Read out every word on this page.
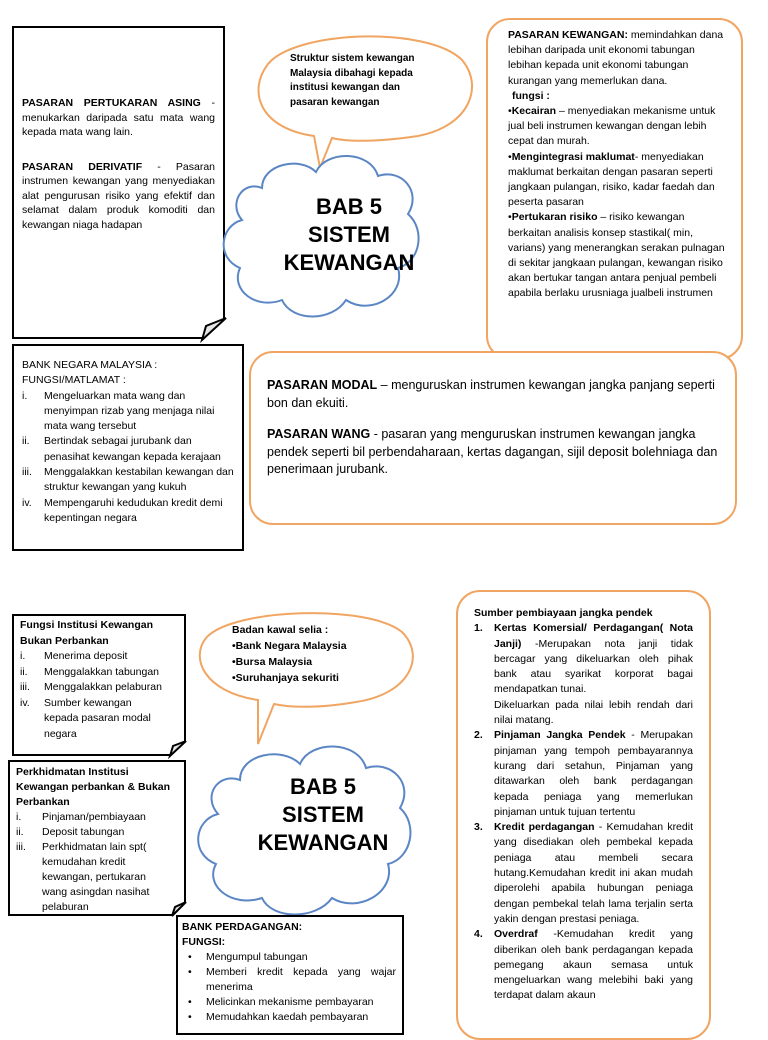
PASARAN PERTUKARAN ASING - menukarkan daripada satu mata wang kepada mata wang lain.
PASARAN DERIVATIF - Pasaran instrumen kewangan yang menyediakan alat pengurusan risiko yang efektif dan selamat dalam produk komoditi dan kewangan niaga hadapan
Struktur sistem kewangan Malaysia dibahagi kepada institusi kewangan dan pasaran kewangan
BAB 5
SISTEM
KEWANGAN
PASARAN KEWANGAN: memindahkan dana lebihan daripada unit ekonomi tabungan lebihan kepada unit ekonomi tabungan kurangan yang memerlukan dana.
fungsi :
•Kecairan – menyediakan mekanisme untuk jual beli instrumen kewangan dengan lebih cepat dan murah.
•Mengintegrasi maklumat- menyediakan maklumat berkaitan dengan pasaran seperti jangkaan pulangan, risiko, kadar faedah dan peserta pasaran
•Pertukaran risiko – risiko kewangan berkaitan analisis konsep stastikal( min, varians) yang menerangkan serakan pulnagan di sekitar jangkaan pulangan, kewangan risiko akan bertukar tangan antara penjual pembeli apabila berlaku urusniaga jualbeli instrumen
BANK NEGARA MALAYSIA :
FUNGSI/MATLAMAT :
i. Mengeluarkan mata wang dan menyimpan rizab yang menjaga nilai mata wang tersebut
ii. Bertindak sebagai jurubank dan penasihat kewangan kepada kerajaan
iii. Menggalakkan kestabilan kewangan dan struktur kewangan yang kukuh
iv. Mempengaruhi kedudukan kredit demi kepentingan negara
PASARAN MODAL – menguruskan instrumen kewangan jangka panjang seperti bon dan ekuiti.
PASARAN WANG - pasaran yang menguruskan instrumen kewangan jangka pendek seperti bil perbendaharaan, kertas dagangan, sijil deposit bolehniaga dan penerimaan jurubank.
Fungsi Institusi Kewangan Bukan Perbankan
i. Menerima deposit
ii. Menggalakkan tabungan
iii. Menggalakkan pelaburan
iv. Sumber kewangan kepada pasaran modal negara
Badan kawal selia :
•Bank Negara Malaysia
•Bursa Malaysia
•Suruhanjaya sekuriti
BAB 5
SISTEM
KEWANGAN
Perkhidmatan Institusi Kewangan perbankan & Bukan Perbankan
i. Pinjaman/pembiayaan
ii. Deposit tabungan
iii. Perkhidmatan lain spt( kemudahan kredit kewangan, pertukaran wang asingdan nasihat pelaburan
BANK PERDAGANGAN:
FUNGSI:
• Mengumpul tabungan
• Memberi kredit kepada yang wajar menerima
• Melicinkan mekanisme pembayaran
• Memudahkan kaedah pembayaran
Sumber pembiayaan jangka pendek
1. Kertas Komersial/ Perdagangan( Nota Janji) -Merupakan nota janji tidak bercagar yang dikeluarkan oleh pihak bank atau syarikat korporat bagai mendapatkan tunai.
Dikeluarkan pada nilai lebih rendah dari nilai matang.
2. Pinjaman Jangka Pendek - Merupakan pinjaman yang tempoh pembayarannya kurang dari setahun, Pinjaman yang ditawarkan oleh bank perdagangan kepada peniaga yang memerlukan pinjaman untuk tujuan tertentu
3. Kredit perdagangan - Kemudahan kredit yang disediakan oleh pembekal kepada peniaga atau membeli secara hutang.Kemudahan kredit ini akan mudah diperolehi apabila hubungan peniaga dengan pembekal telah lama terjalin serta yakin dengan prestasi peniaga.
4. Overdraf -Kemudahan kredit yang diberikan oleh bank perdagangan kepada pemegang akaun semasa untuk mengeluarkan wang melebihi baki yang terdapat dalam akaun
